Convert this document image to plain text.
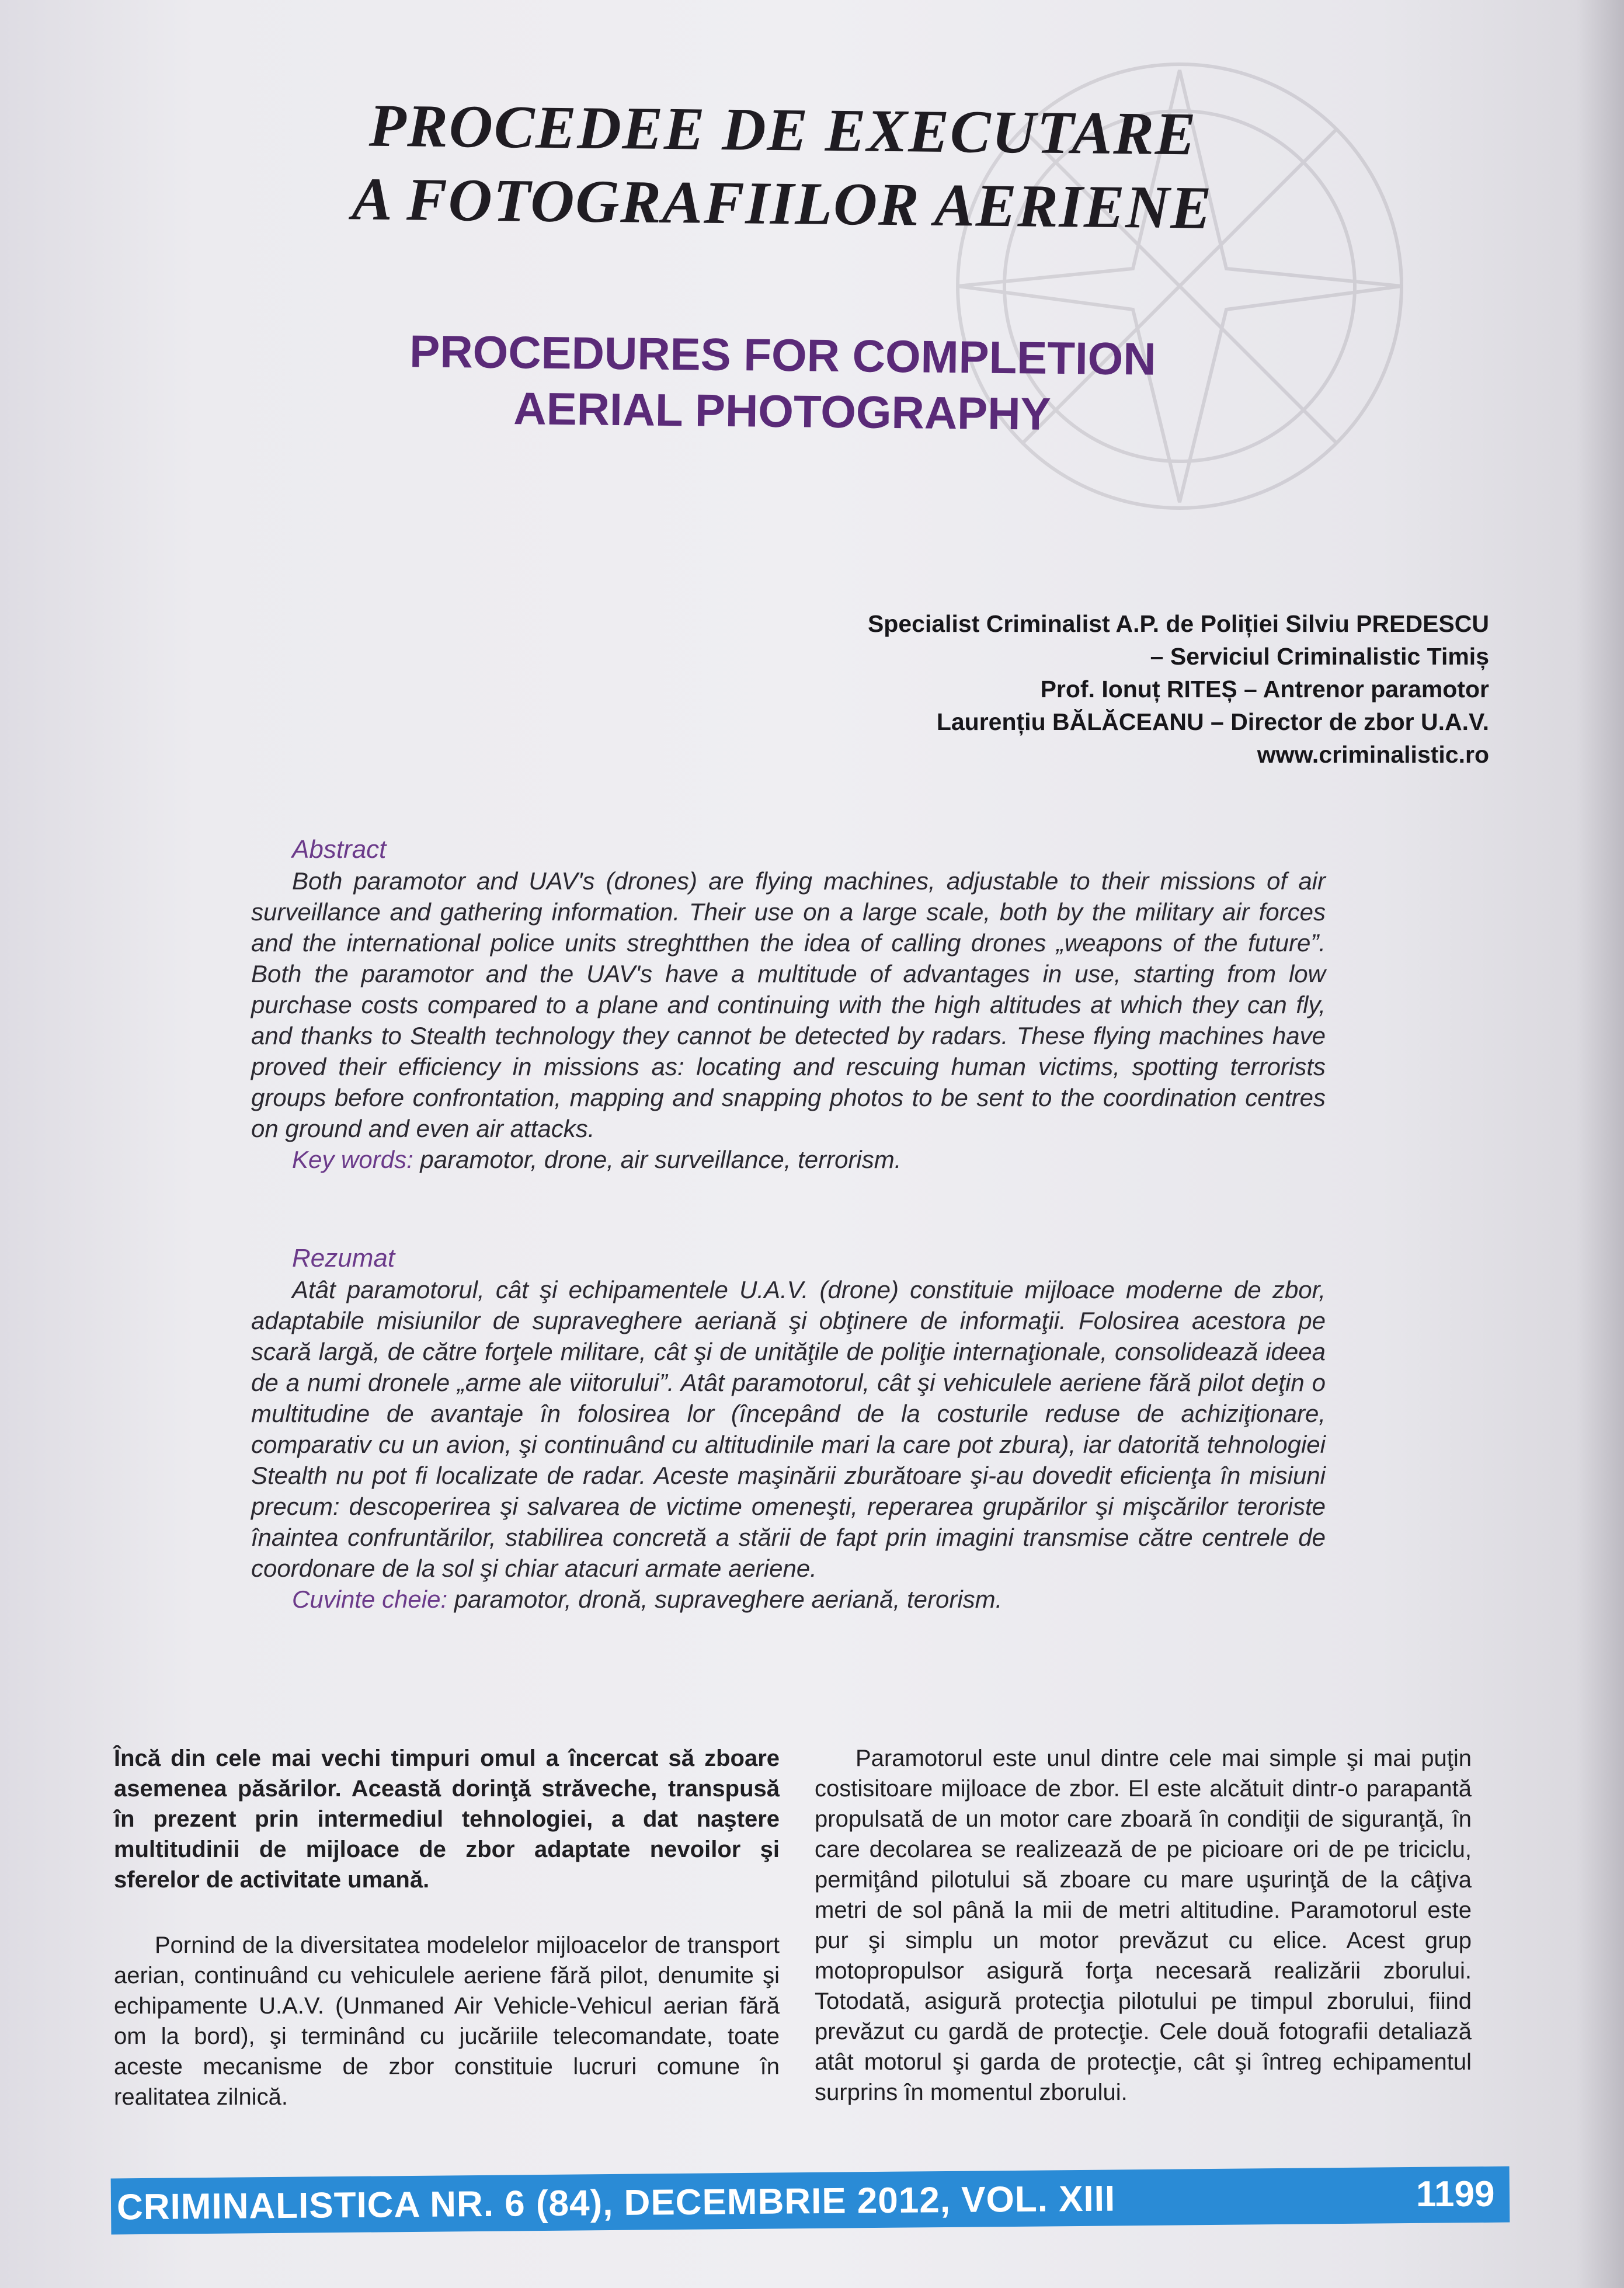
PROCEDEE DE EXECUTARE
A FOTOGRAFIILOR AERIENE
PROCEDURES FOR COMPLETION
AERIAL PHOTOGRAPHY
Specialist Criminalist A.P. de Poliției Silviu PREDESCU
– Serviciul Criminalistic Timiș
Prof. Ionuț RITEȘ – Antrenor paramotor
Laurențiu BĂLĂCEANU – Director de zbor U.A.V.
www.criminalistic.ro
Abstract

Both paramotor and UAV's (drones) are flying machines, adjustable to their missions of air surveillance and gathering information. Their use on a large scale, both by the military air forces and the international police units streghtthen the idea of calling drones „weapons of the future”. Both the paramotor and the UAV's have a multitude of advantages in use, starting from low purchase costs compared to a plane and continuing with the high altitudes at which they can fly, and thanks to Stealth technology they cannot be detected by radars. These flying machines have proved their efficiency in missions as: locating and rescuing human victims, spotting terrorists groups before confrontation, mapping and snapping photos to be sent to the coordination centres on ground and even air attacks.

Key words: paramotor, drone, air surveillance, terrorism.

Rezumat

Atât paramotorul, cât şi echipamentele U.A.V. (drone) constituie mijloace moderne de zbor, adaptabile misiunilor de supraveghere aeriană şi obţinere de informaţii. Folosirea acestora pe scară largă, de către forţele militare, cât şi de unităţile de poliţie internaţionale, consolidează ideea de a numi dronele „arme ale viitorului”. Atât paramotorul, cât şi vehiculele aeriene fără pilot deţin o multitudine de avantaje în folosirea lor (începând de la costurile reduse de achiziţionare, comparativ cu un avion, şi continuând cu altitudinile mari la care pot zbura), iar datorită tehnologiei Stealth nu pot fi localizate de radar. Aceste maşinării zburătoare şi-au dovedit eficienţa în misiuni precum: descoperirea şi salvarea de victime omeneşti, reperarea grupărilor şi mişcărilor teroriste înaintea confruntărilor, stabilirea concretă a stării de fapt prin imagini transmise către centrele de coordonare de la sol şi chiar atacuri armate aeriene.

Cuvinte cheie: paramotor, dronă, supraveghere aeriană, terorism.

Încă din cele mai vechi timpuri omul a încercat să zboare asemenea păsărilor. Această dorinţă străveche, transpusă în prezent prin intermediul tehnologiei, a dat naştere multitudinii de mijloace de zbor adaptate nevoilor şi sferelor de activitate umană.

Pornind de la diversitatea modelelor mijloacelor de transport aerian, continuând cu vehiculele aeriene fără pilot, denumite şi echipamente U.A.V. (Unmaned Air Vehicle-Vehicul aerian fără om la bord), şi terminând cu jucăriile telecomandate, toate aceste mecanisme de zbor constituie lucruri comune în realitatea zilnică.

Paramotorul este unul dintre cele mai simple şi mai puţin costisitoare mijloace de zbor. El este alcătuit dintr-o parapantă propulsată de un motor care zboară în condiţii de siguranţă, în care decolarea se realizează de pe picioare ori de pe triciclu, permiţând pilotului să zboare cu mare uşurinţă de la câţiva metri de sol până la mii de metri altitudine. Paramotorul este pur şi simplu un motor prevăzut cu elice. Acest grup motopropulsor asigură forţa necesară realizării zborului. Totodată, asigură protecţia pilotului pe timpul zborului, fiind prevăzut cu gardă de protecţie. Cele două fotografii detaliază atât motorul şi garda de protecţie, cât şi întreg echipamentul surprins în momentul zborului.

CRIMINALISTICA NR. 6 (84), DECEMBRIE 2012, VOL. XIII	1199
